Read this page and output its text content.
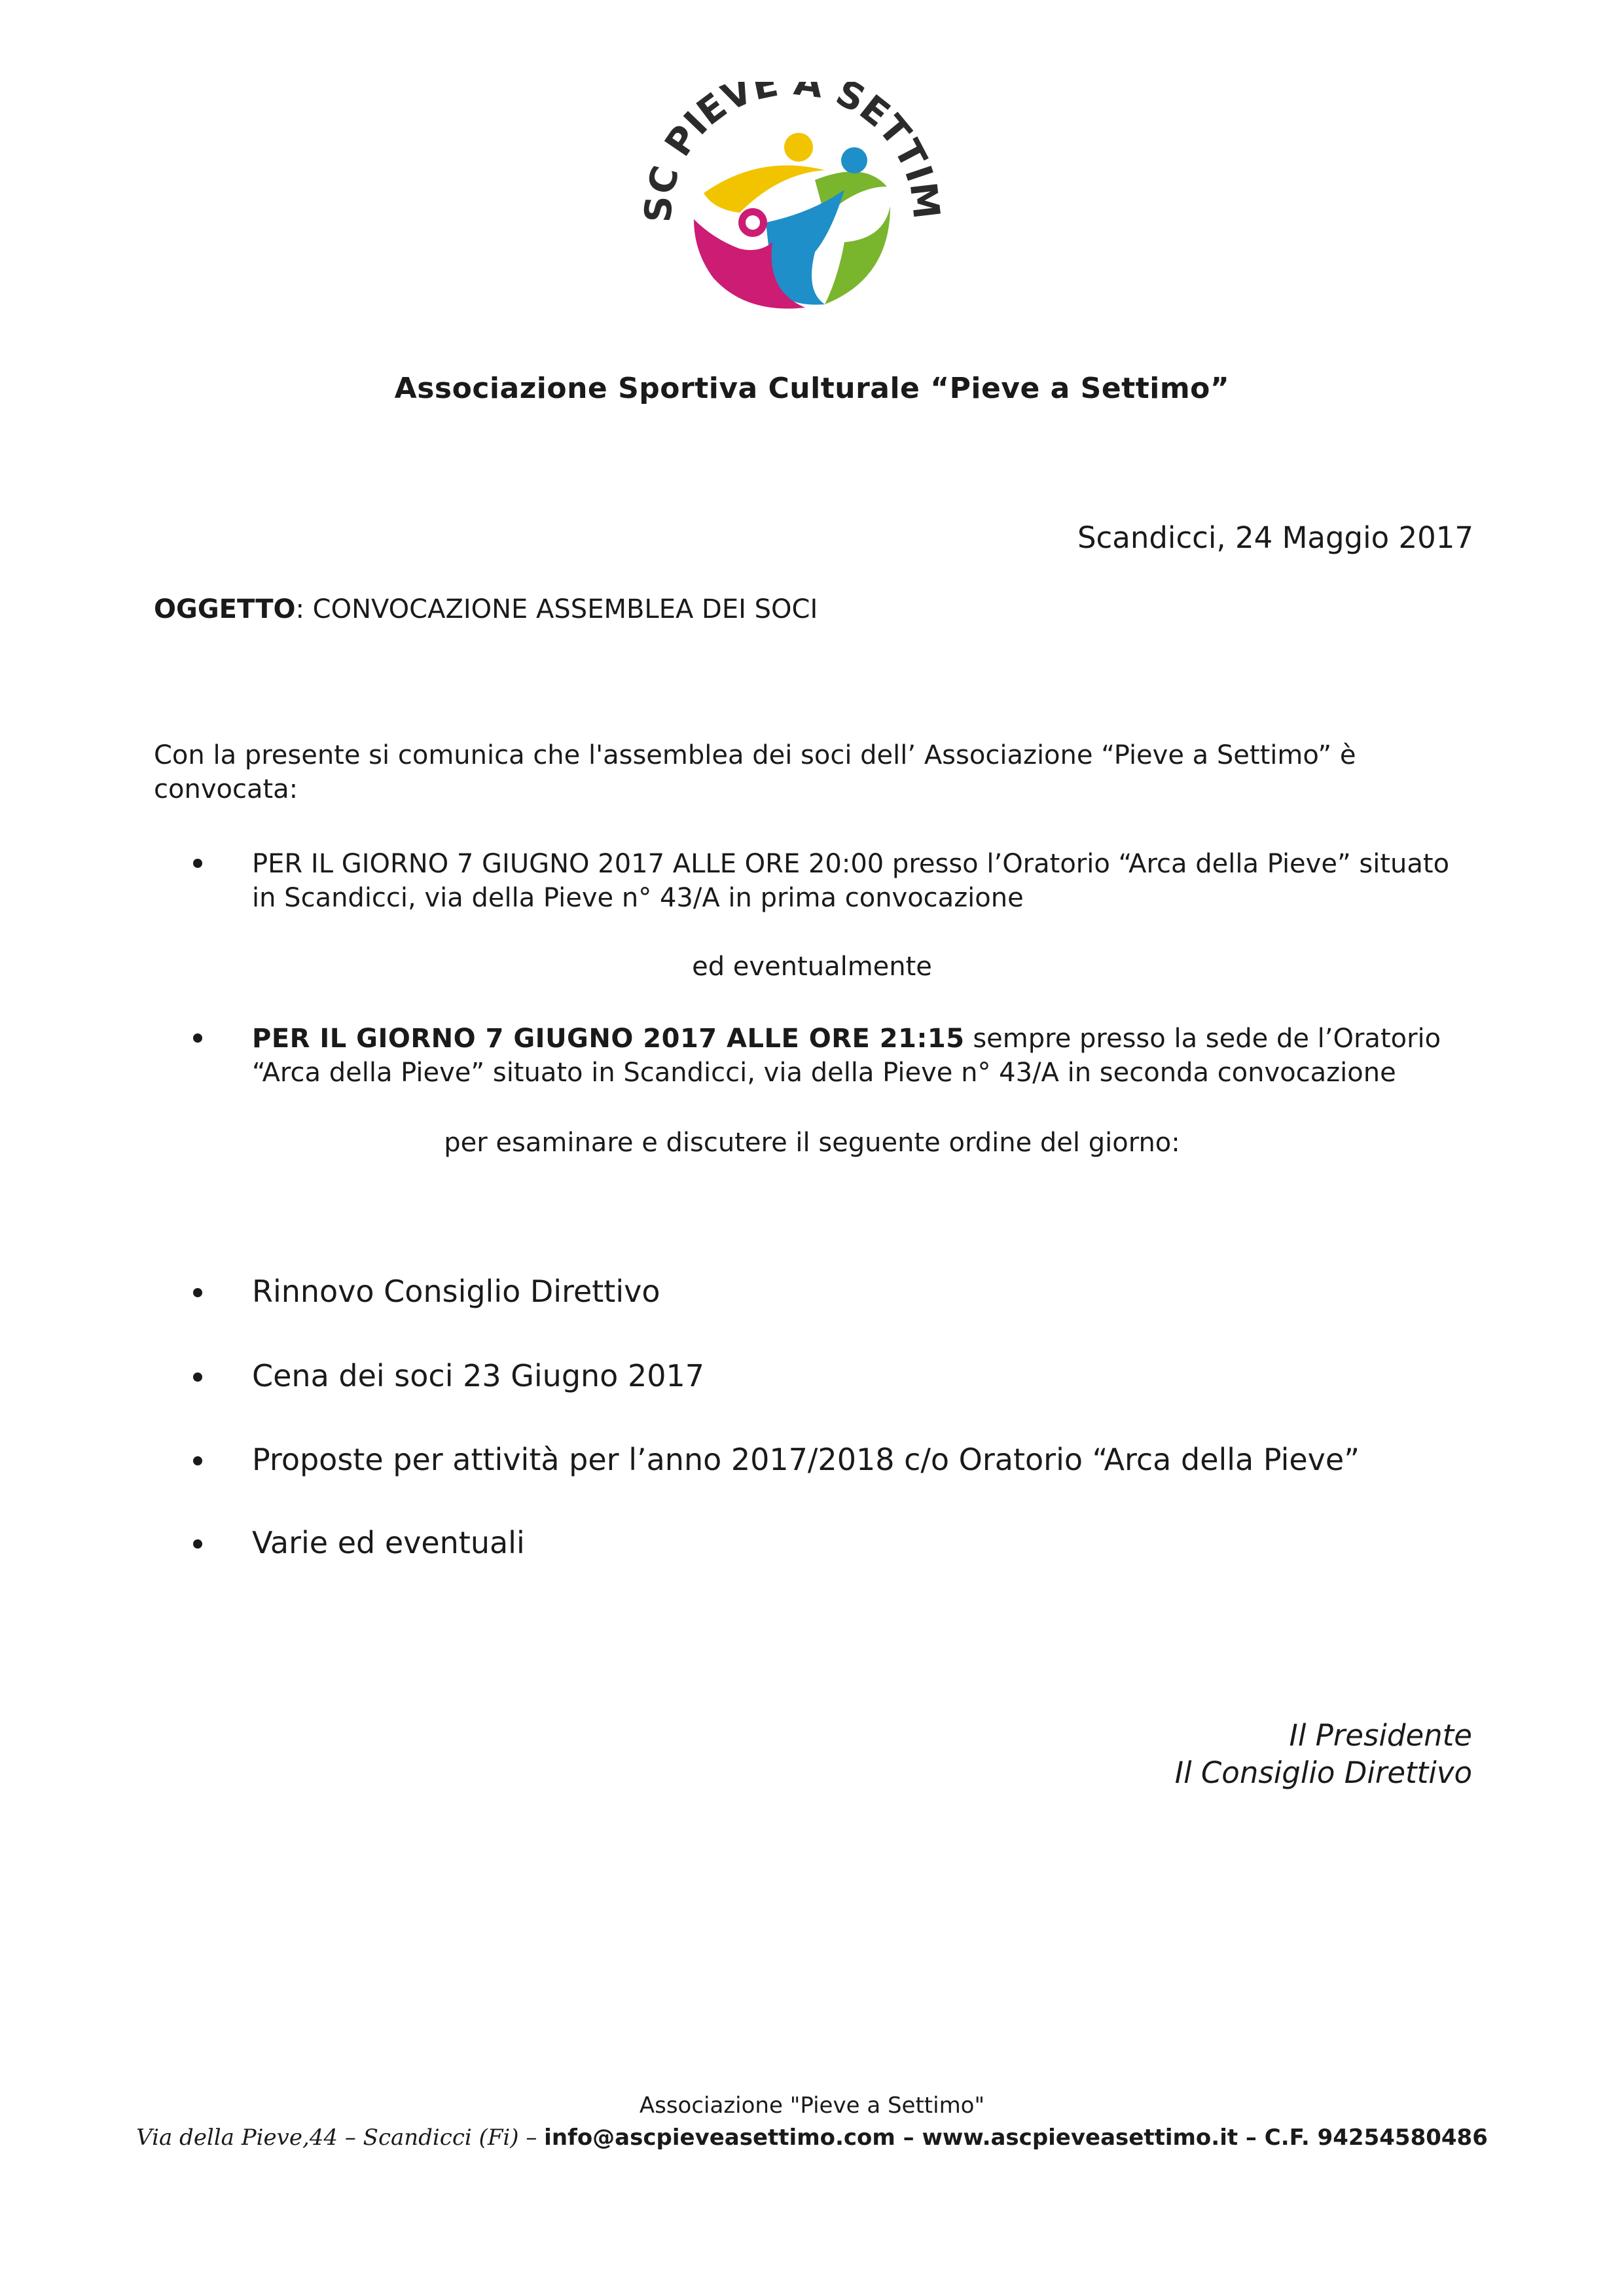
SC PIEVE A SETTIM
Associazione Sportiva Culturale “Pieve a Settimo”
Scandicci, 24 Maggio 2017
OGGETTO: CONVOCAZIONE ASSEMBLEA DEI SOCI
Con la presente si comunica che l'assemblea dei soci dell’ Associazione “Pieve a Settimo” è convocata:
PER IL GIORNO 7 GIUGNO 2017 ALLE ORE 20:00 presso l’Oratorio “Arca della Pieve” situato in Scandicci, via della Pieve n° 43/A in prima convocazione
ed eventualmente
PER IL GIORNO 7 GIUGNO 2017 ALLE ORE 21:15 sempre presso la sede de l’Oratorio “Arca della Pieve” situato in Scandicci, via della Pieve n° 43/A in seconda convocazione
per esaminare e discutere il seguente ordine del giorno:
Rinnovo Consiglio Direttivo
Cena dei soci 23 Giugno 2017
Proposte per attività per l’anno 2017/2018 c/o Oratorio “Arca della Pieve”
Varie ed eventuali
Il Presidente
Il Consiglio Direttivo
Associazione "Pieve a Settimo"
Via della Pieve,44 – Scandicci (Fi) – info@ascpieveasettimo.com – www.ascpieveasettimo.it – C.F. 94254580486
